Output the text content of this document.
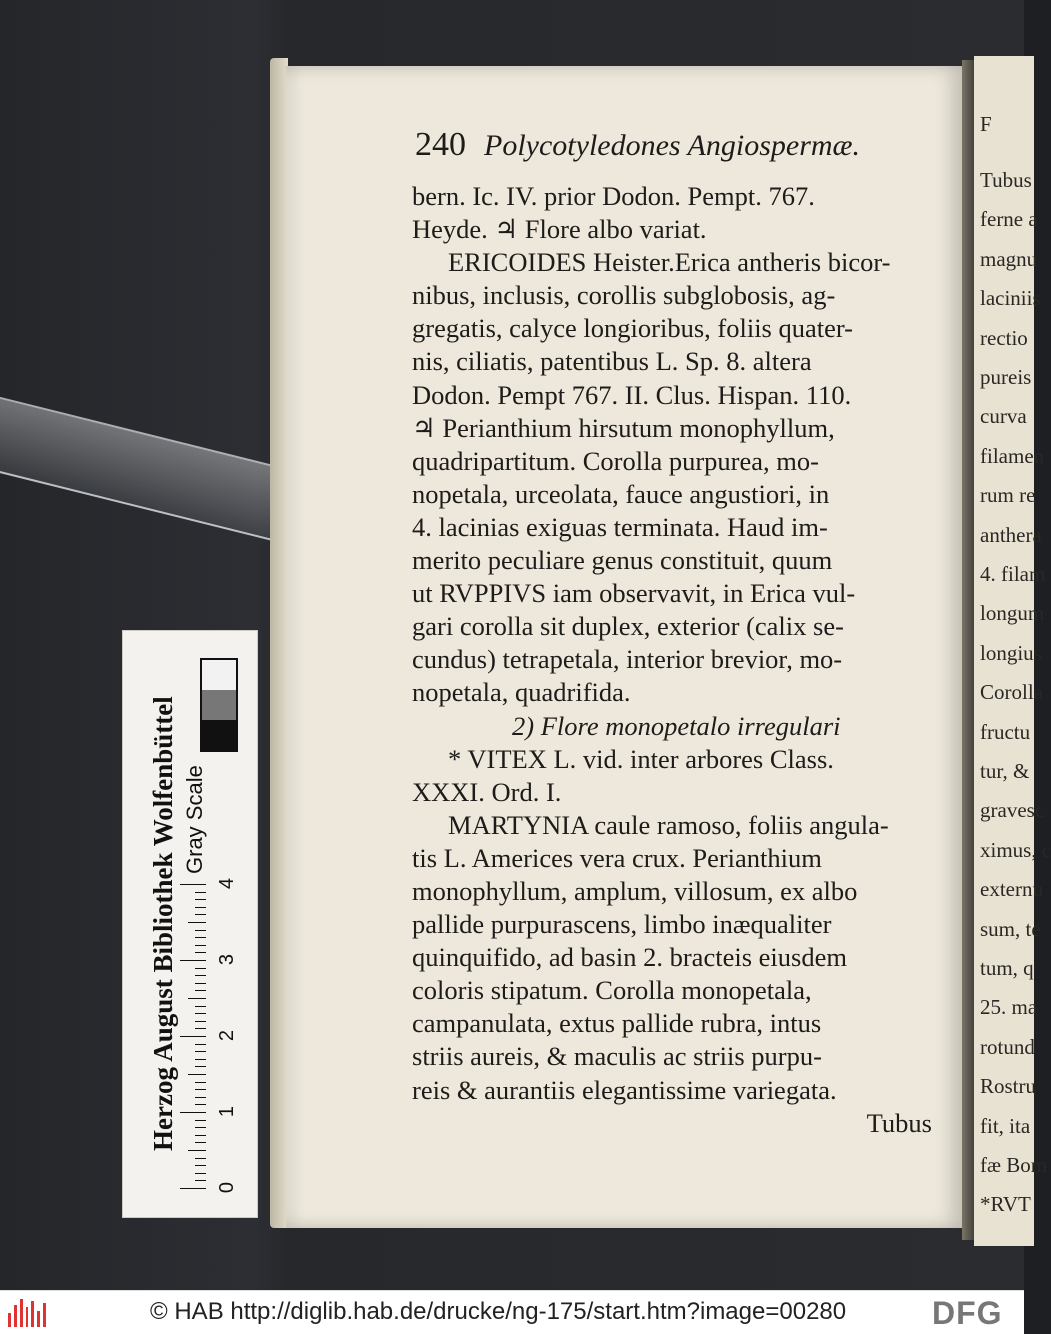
F
Tubus
ferne a
magnu
laciniis
rectio
pureis
curva
filamen
rum re
anthera
4. filam
longum
longius
Corolla
fructu
tur, &
gravesc
ximus, c
externu
sum, te
tum, q
25. ma
rotund
Rostru
fit, ita
fæ Bom
*RVT
240 Polycotyledones Angiospermæ.
bern. Ic. IV. prior Dodon. Pempt. 767.
Heyde. ♃ Flore albo variat.
ERICOIDES Heister.Erica antheris bicor-
nibus, inclusis, corollis subglobosis, ag-
gregatis, calyce longioribus, foliis quater-
nis, ciliatis, patentibus L. Sp. 8. altera
Dodon. Pempt 767. II. Clus. Hispan. 110.
♃ Perianthium hirsutum monophyllum,
quadripartitum. Corolla purpurea, mo-
nopetala, urceolata, fauce angustiori, in
4. lacinias exiguas terminata. Haud im-
merito peculiare genus constituit, quum
ut RVPPIVS iam observavit, in Erica vul-
gari corolla sit duplex, exterior (calix se-
cundus) tetrapetala, interior brevior, mo-
nopetala, quadrifida.
2) Flore monopetalo irregulari
* VITEX L. vid. inter arbores Class.
XXXI. Ord. I.
MARTYNIA caule ramoso, foliis angula-
tis L. Americes vera crux. Perianthium
monophyllum, amplum, villosum, ex albo
pallide purpurascens, limbo inæqualiter
quinquifido, ad basin 2. bracteis eiusdem
coloris stipatum. Corolla monopetala,
campanulata, extus pallide rubra, intus
striis aureis, & maculis ac striis purpu-
reis & aurantiis elegantissime variegata.
Tubus
Herzog August Bibliothek Wolfenbüttel Gray Scale
0
1
2
3
4
© HAB http://diglib.hab.de/drucke/ng-175/start.htm?image=00280	DFG
